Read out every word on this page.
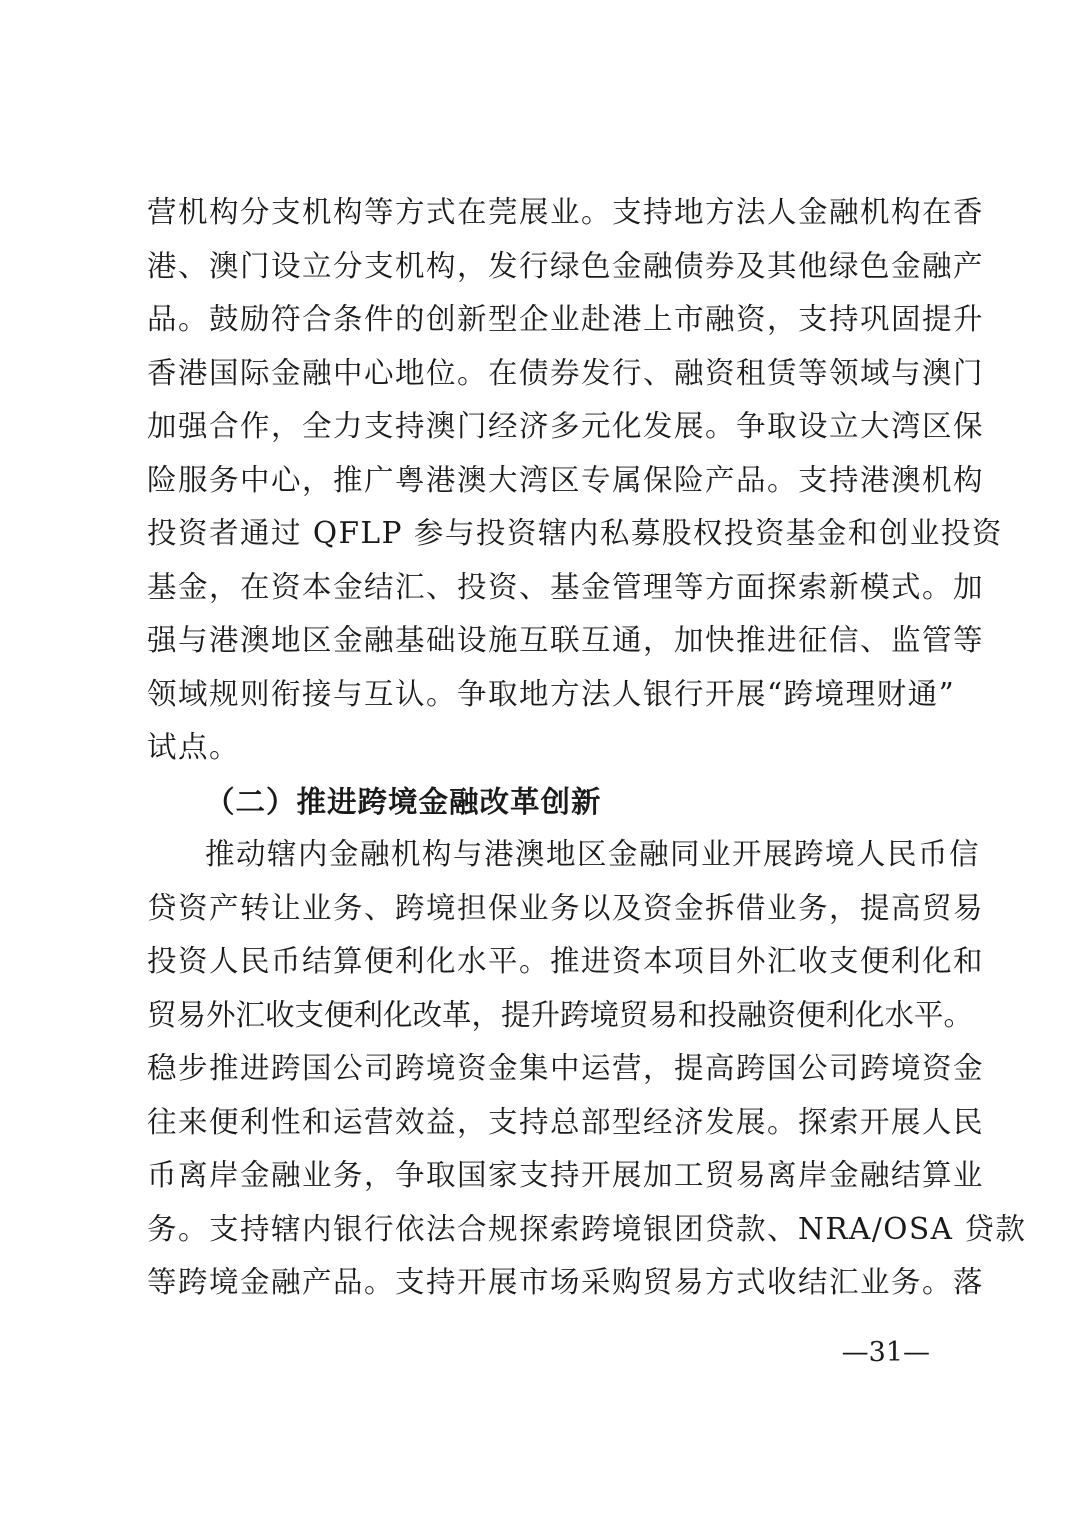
营机构分支机构等方式在莞展业。支持地方法人金融机构在香
港、澳门设立分支机构，发行绿色金融债券及其他绿色金融产
品。鼓励符合条件的创新型企业赴港上市融资，支持巩固提升
香港国际金融中心地位。在债券发行、融资租赁等领域与澳门
加强合作，全力支持澳门经济多元化发展。争取设立大湾区保
险服务中心，推广粤港澳大湾区专属保险产品。支持港澳机构
投资者通过 QFLP 参与投资辖内私募股权投资基金和创业投资
基金，在资本金结汇、投资、基金管理等方面探索新模式。加
强与港澳地区金融基础设施互联互通，加快推进征信、监管等
领域规则衔接与互认。争取地方法人银行开展“跨境理财通”
试点。
（二）推进跨境金融改革创新
推动辖内金融机构与港澳地区金融同业开展跨境人民币信
贷资产转让业务、跨境担保业务以及资金拆借业务，提高贸易
投资人民币结算便利化水平。推进资本项目外汇收支便利化和
贸易外汇收支便利化改革，提升跨境贸易和投融资便利化水平。
稳步推进跨国公司跨境资金集中运营，提高跨国公司跨境资金
往来便利性和运营效益，支持总部型经济发展。探索开展人民
币离岸金融业务，争取国家支持开展加工贸易离岸金融结算业
务。支持辖内银行依法合规探索跨境银团贷款、NRA/OSA 贷款
等跨境金融产品。支持开展市场采购贸易方式收结汇业务。落
—31—
